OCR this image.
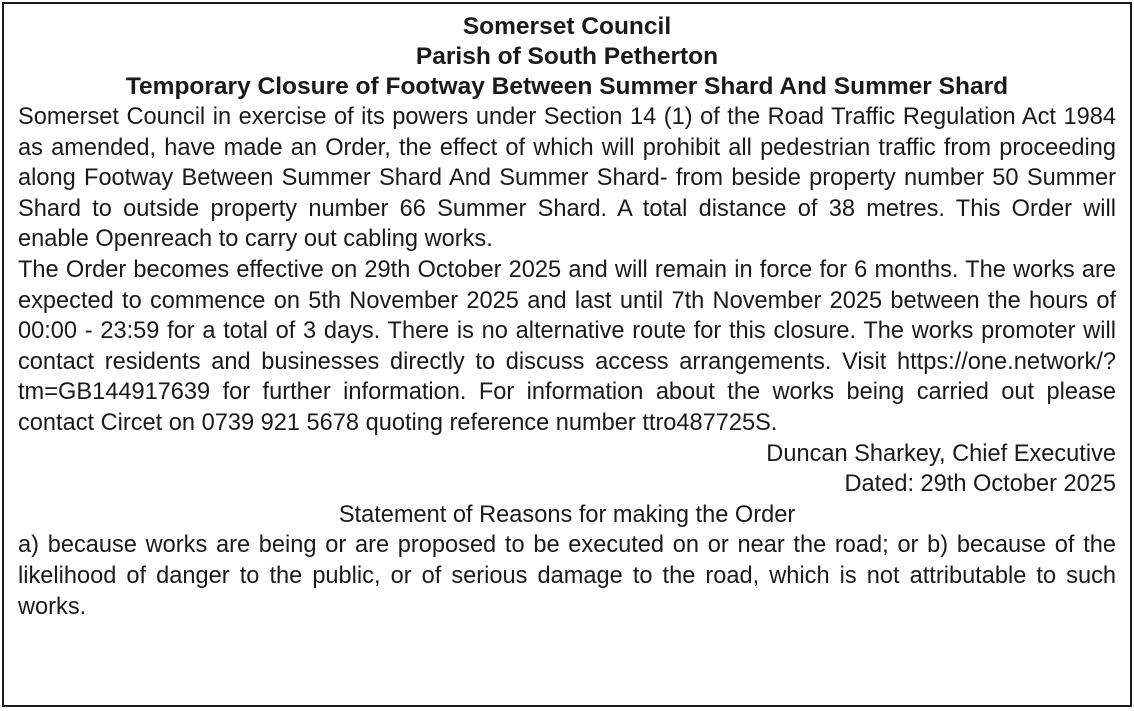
Somerset Council
Parish of South Petherton
Temporary Closure of Footway Between Summer Shard And Summer Shard

Somerset Council in exercise of its powers under Section 14 (1) of the Road Traffic Regulation Act 1984 as amended, have made an Order, the effect of which will prohibit all pedestrian traffic from proceeding along Footway Between Summer Shard And Summer Shard- from beside property number 50 Summer Shard to outside property number 66 Summer Shard. A total distance of 38 metres. This Order will enable Openreach to carry out cabling works.

The Order becomes effective on 29th October 2025 and will remain in force for 6 months. The works are expected to commence on 5th November 2025 and last until 7th November 2025 between the hours of 00:00 - 23:59 for a total of 3 days. There is no alternative route for this closure. The works promoter will contact residents and businesses directly to discuss access arrangements. Visit https://one.network/?tm=GB144917639 for further information. For information about the works being carried out please contact Circet on 0739 921 5678 quoting reference number ttro487725S.

Duncan Sharkey, Chief Executive

Dated: 29th October 2025

Statement of Reasons for making the Order

a) because works are being or are proposed to be executed on or near the road; or b) because of the likelihood of danger to the public, or of serious damage to the road, which is not attributable to such works.
